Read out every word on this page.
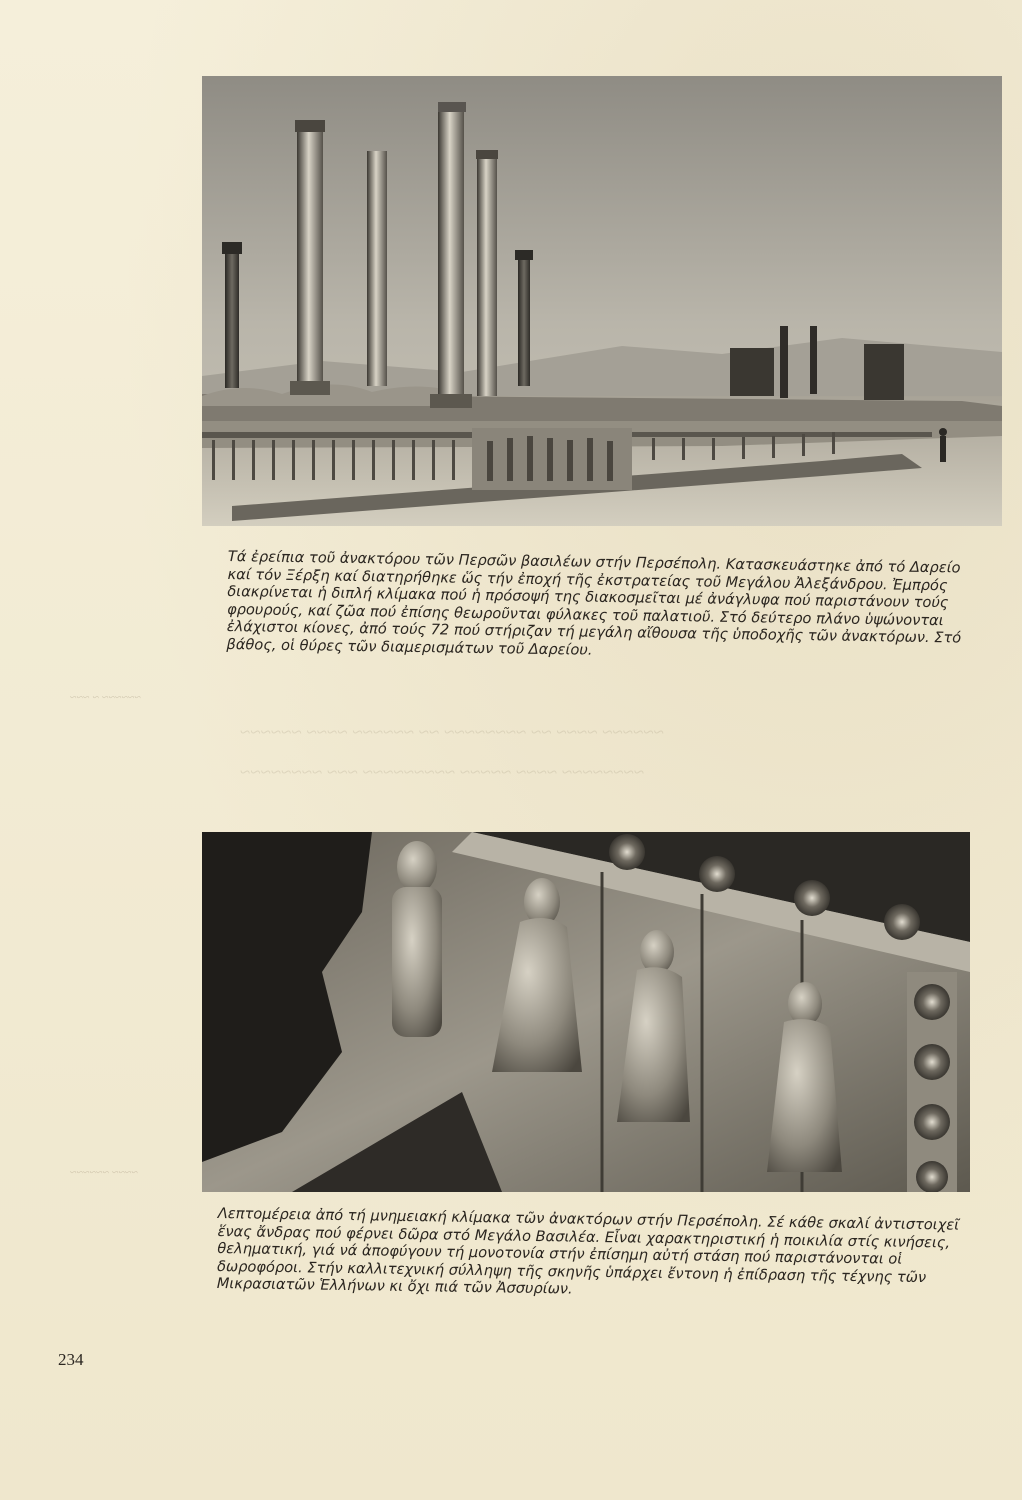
~~~~~~ ~~~~ ~~ ~~~~~~~~ ~~ ~~~~~~ ~~~~ ~~~~~~
~~~~~~~~ ~~~~ ~~~~~ ~~~~~~~~~ ~~~ ~~~~~~~~
~~~~~~ ~ ~~~
~~~~ ~~~~~~

Τά ἐρείπια τοῦ ἀνακτόρου τῶν Περσῶν βασιλέων στήν Περσέπολη. Κατασκευάστηκε ἀπό τό Δαρείο καί τόν Ξέρξη καί διατηρήθηκε ὥς τήν ἐποχή τῆς ἐκστρατείας τοῦ Μεγάλου Ἀλεξάνδρου. Ἐμπρός διακρίνεται ἡ διπλή κλίμακα πού ἡ πρόσοψή της διακοσμεῖται μέ ἀνάγλυφα πού παριστάνουν τούς φρουρούς, καί ζῶα πού ἐπίσης θεωροῦνται φύλακες τοῦ παλατιοῦ. Στό δεύτερο πλάνο ὑψώνονται ἐλάχιστοι κίονες, ἀπό τούς 72 πού στήριζαν τή μεγάλη αἴθουσα τῆς ὑποδοχῆς τῶν ἀνακτόρων. Στό βάθος, οἱ θύρες τῶν διαμερισμάτων τοῦ Δαρείου.

Λεπτομέρεια ἀπό τή μνημειακή κλίμακα τῶν ἀνακτόρων στήν Περσέπολη. Σέ κάθε σκαλί ἀντιστοιχεῖ ἕνας ἄνδρας πού φέρνει δῶρα στό Μεγάλο Βασιλέα. Εἶναι χαρακτηριστική ἡ ποικιλία στίς κινήσεις, θεληματική, γιά νά ἀποφύγουν τή μονοτονία στήν ἐπίσημη αὐτή στάση πού παριστάνονται οἱ δωροφόροι. Στήν καλλιτεχνική σύλληψη τῆς σκηνῆς ὑπάρχει ἔντονη ἡ ἐπίδραση τῆς τέχνης τῶν Μικρασιατῶν Ἑλλήνων κι ὄχι πιά τῶν Ἀσσυρίων.

234
